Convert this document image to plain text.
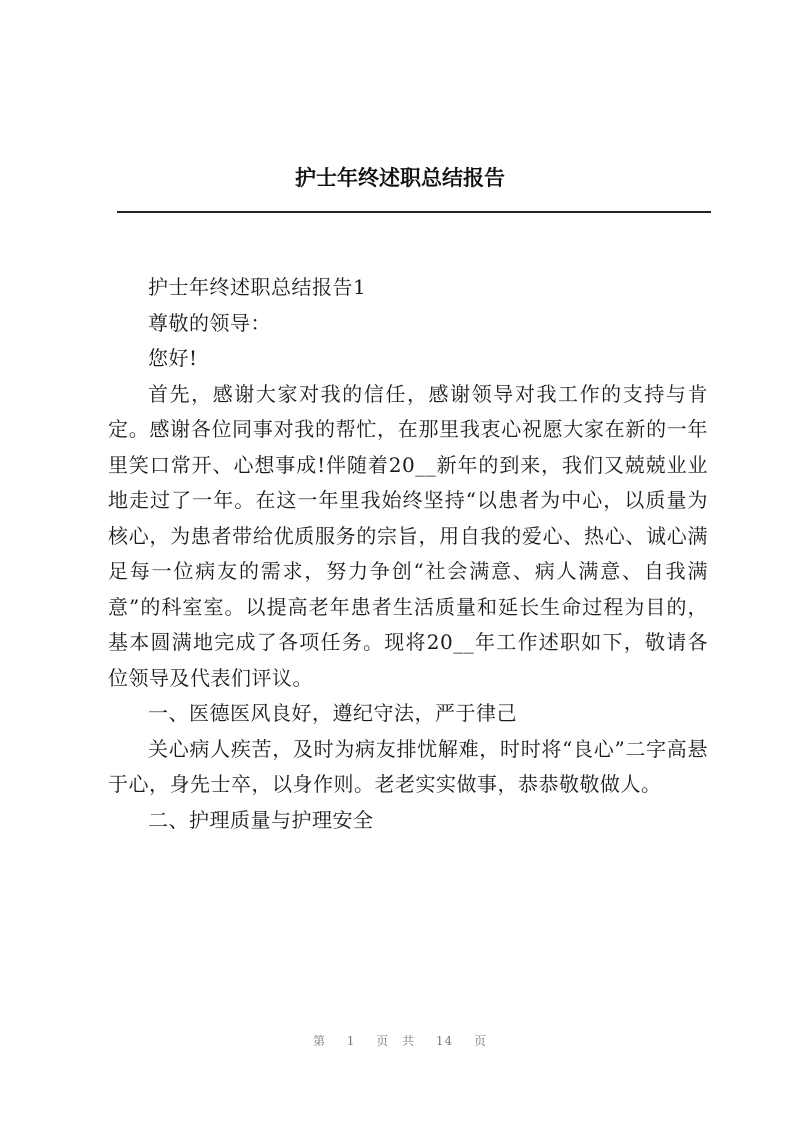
护士年终述职总结报告

护士年终述职总结报告1

尊敬的领导：

您好!

首先，感谢大家对我的信任，感谢领导对我工作的支持与肯定。感谢各位同事对我的帮忙，在那里我衷心祝愿大家在新的一年里笑口常开、心想事成!伴随着20__新年的到来，我们又兢兢业业地走过了一年。在这一年里我始终坚持“以患者为中心，以质量为核心，为患者带给优质服务的宗旨，用自我的爱心、热心、诚心满足每一位病友的需求，努力争创“社会满意、病人满意、自我满意”的科室室。以提高老年患者生活质量和延长生命过程为目的，基本圆满地完成了各项任务。现将20__年工作述职如下，敬请各位领导及代表们评议。

一、医德医风良好，遵纪守法，严于律己

关心病人疾苦，及时为病友排忧解难，时时将“良心”二字高悬于心，身先士卒，以身作则。老老实实做事，恭恭敬敬做人。

二、护理质量与护理安全

第 1 页 共 14 页
